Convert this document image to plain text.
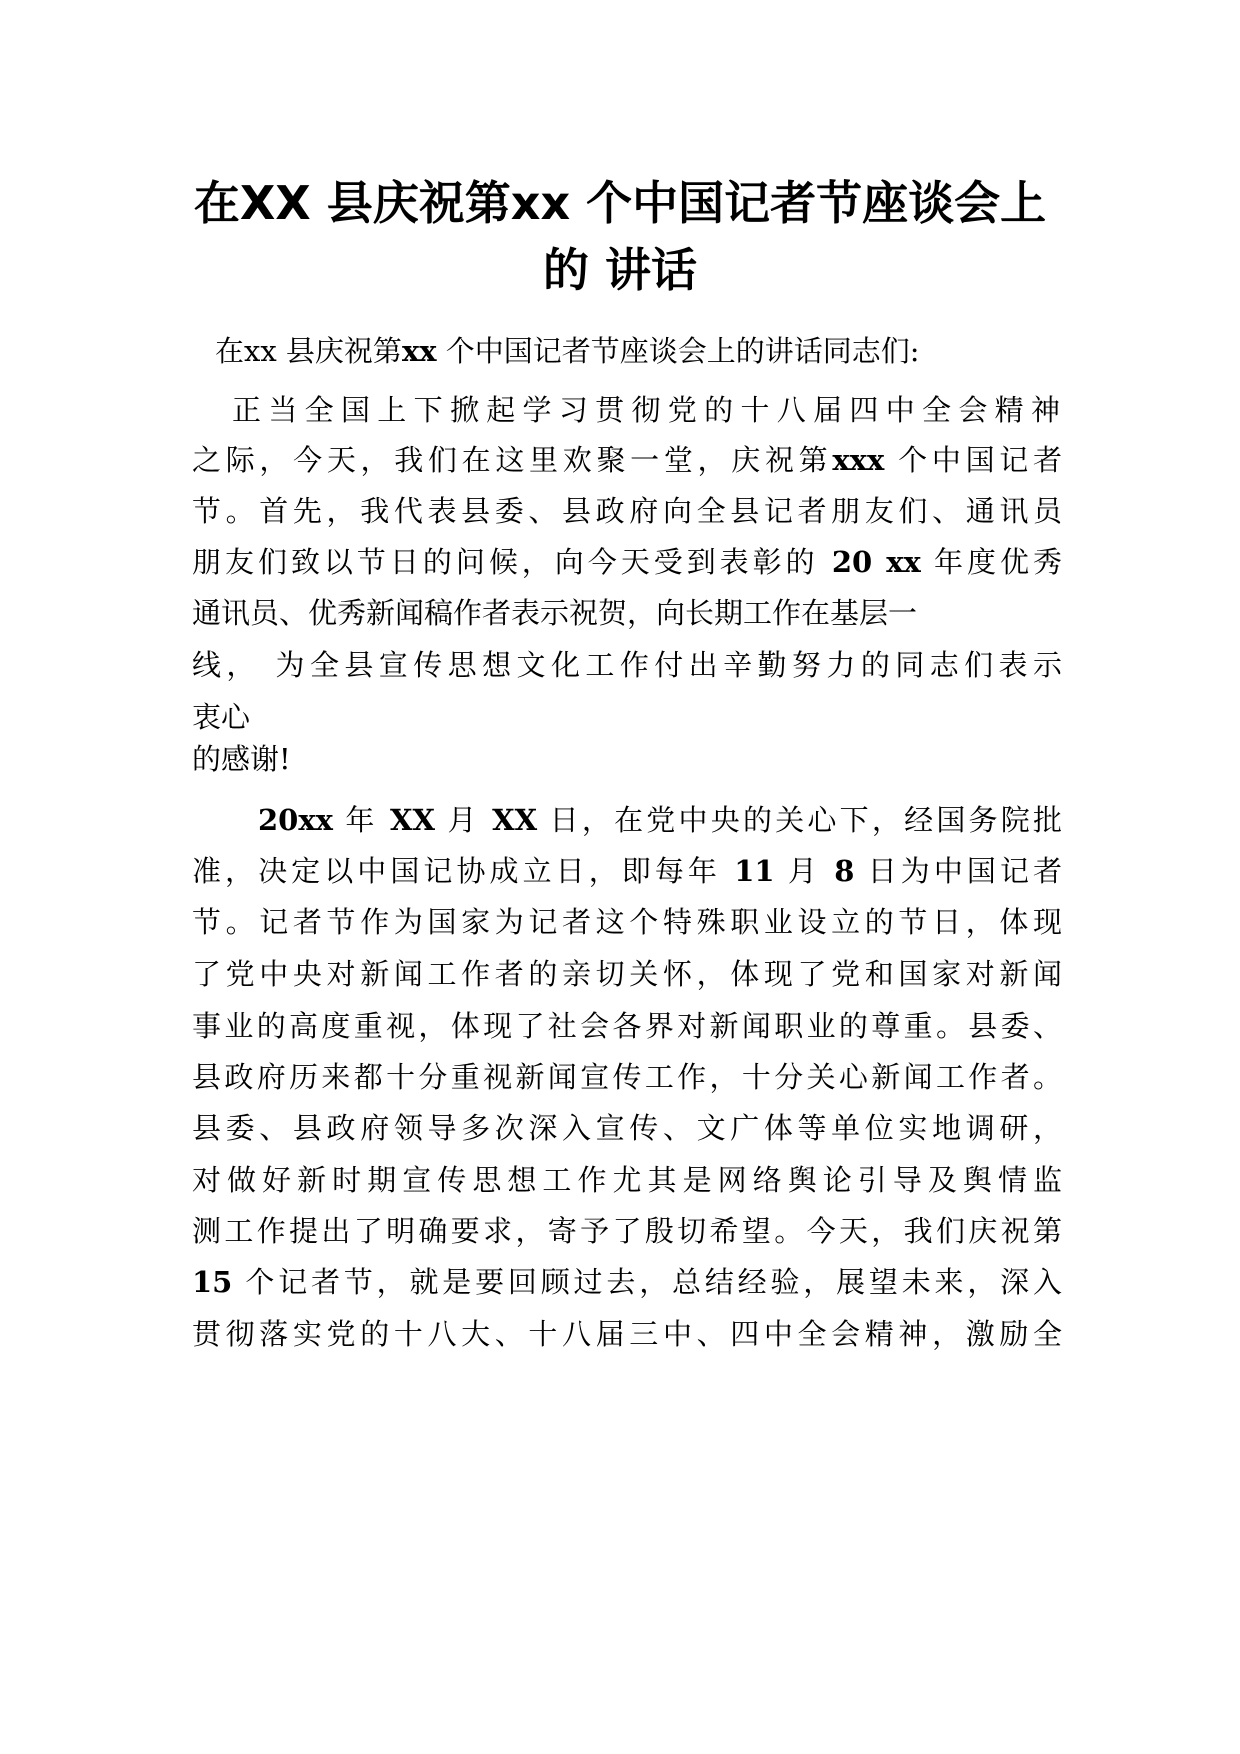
在XX 县庆祝第xx 个中国记者节座谈会上
的 讲话

在xx 县庆祝第xx 个中国记者节座谈会上的讲话同志们:

正当全国上下掀起学习贯彻党的十八届四中全会精神

之际，今天，我们在这里欢聚一堂，庆祝第xxx 个中国记者

节。首先，我代表县委、县政府向全县记者朋友们、通讯员

朋友们致以节日的问候，向今天受到表彰的 20 xx 年度优秀

通讯员、优秀新闻稿作者表示祝贺，向长期工作在基层一

线， 为全县宣传思想文化工作付出辛勤努力的同志们表示

衷心

的感谢!

20xx 年 XX 月 XX 日，在党中央的关心下，经国务院批

准，决定以中国记协成立日，即每年 11 月 8 日为中国记者

节。记者节作为国家为记者这个特殊职业设立的节日，体现

了党中央对新闻工作者的亲切关怀，体现了党和国家对新闻

事业的高度重视，体现了社会各界对新闻职业的尊重。县委、

县政府历来都十分重视新闻宣传工作，十分关心新闻工作者。

县委、县政府领导多次深入宣传、文广体等单位实地调研，

对做好新时期宣传思想工作尤其是网络舆论引导及舆情监

测工作提出了明确要求，寄予了殷切希望。今天，我们庆祝第

15 个记者节，就是要回顾过去，总结经验，展望未来，深入

贯彻落实党的十八大、十八届三中、四中全会精神，激励全
